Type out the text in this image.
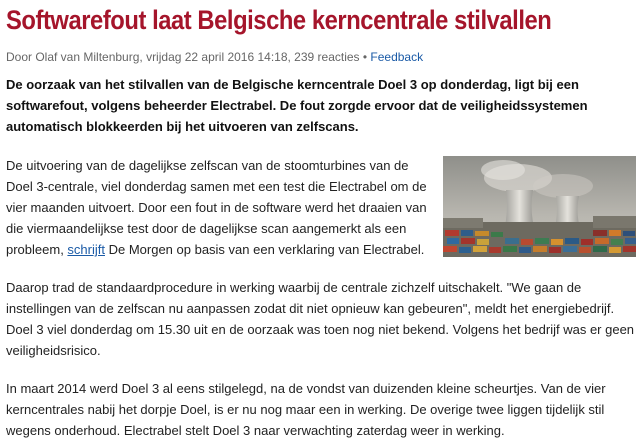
Softwarefout laat Belgische kerncentrale stilvallen
Door Olaf van Miltenburg, vrijdag 22 april 2016 14:18, 239 reacties • Feedback
De oorzaak van het stilvallen van de Belgische kerncentrale Doel 3 op donderdag, ligt bij een softwarefout, volgens beheerder Electrabel. De fout zorgde ervoor dat de veiligheidssystemen automatisch blokkeerden bij het uitvoeren van zelfscans.
De uitvoering van de dagelijkse zelfscan van de stoomturbines van de Doel 3-centrale, viel donderdag samen met een test die Electrabel om de vier maanden uitvoert. Door een fout in de software werd het draaien van die viermaandelijkse test door de dagelijkse scan aangemerkt als een probleem, schrijft De Morgen op basis van een verklaring van Electrabel.
Daarop trad de standaardprocedure in werking waarbij de centrale zichzelf uitschakelt. "We gaan de instellingen van de zelfscan nu aanpassen zodat dit niet opnieuw kan gebeuren", meldt het energiebedrijf. Doel 3 viel donderdag om 15.30 uit en de oorzaak was toen nog niet bekend. Volgens het bedrijf was er geen veiligheidsrisico.
In maart 2014 werd Doel 3 al eens stilgelegd, na de vondst van duizenden kleine scheurtjes. Van de vier kerncentrales nabij het dorpje Doel, is er nu nog maar een in werking. De overige twee liggen tijdelijk stil wegens onderhoud. Electrabel stelt Doel 3 naar verwachting zaterdag weer in werking.
